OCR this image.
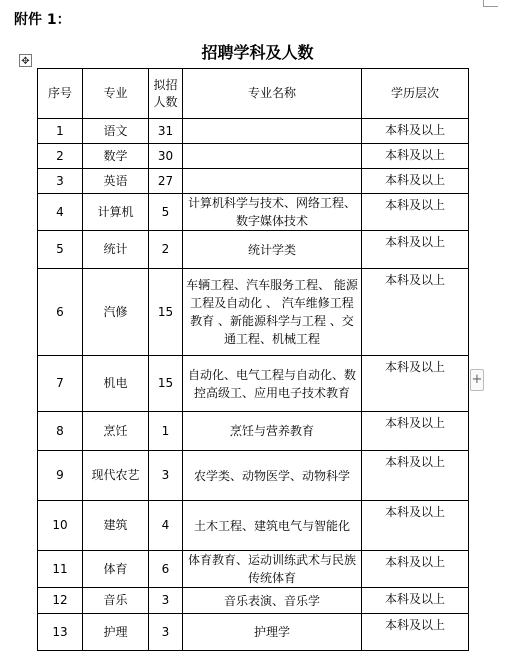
附件 1：
招聘学科及人数
✥
+
序号	专业	拟招人数	专业名称	学历层次
1	语文	31		本科及以上
2	数学	30		本科及以上
3	英语	27		本科及以上
4	计算机	5	计算机科学与技术、网络工程、数字媒体技术	本科及以上
5	统计	2	统计学类	本科及以上
6	汽修	15	车辆工程、汽车服务工程、 能源工程及自动化 、 汽车维修工程教育 、新能源科学与工程 、交通工程、机械工程	本科及以上
7	机电	15	自动化、电气工程与自动化、数控高级工、应用电子技术教育	本科及以上
8	烹饪	1	烹饪与营养教育	本科及以上
9	现代农艺	3	农学类、动物医学、动物科学	本科及以上
10	建筑	4	土木工程、建筑电气与智能化	本科及以上
11	体育	6	体育教育、运动训练武术与民族传统体育	本科及以上
12	音乐	3	音乐表演、音乐学	本科及以上
13	护理	3	护理学	本科及以上
